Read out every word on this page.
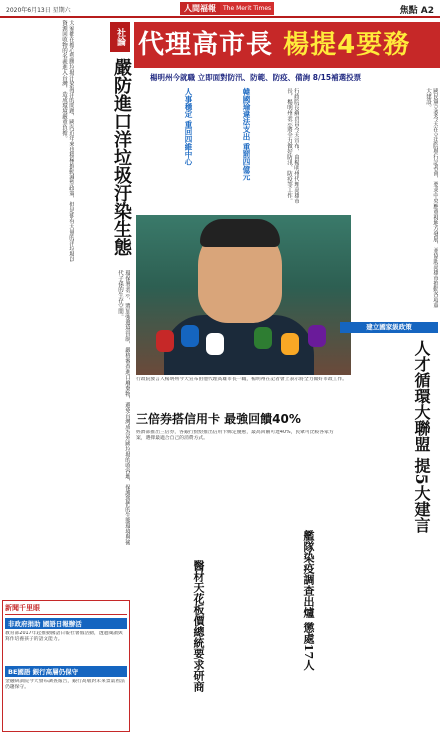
2020年6月13日 星期六	人間福報	The Merit Times	焦點 A2
大家都在擔心塑膠垃圾汙染海洋的問題，國內近年來也積極推動減塑政策，但是卻有大量的洋垃圾以資源回收物的名義進入台灣，造成環境嚴重負擔。	社論
嚴防進口洋垃圾汙染生態
環保署表示，將加強邊境管制，嚴格審查進口廢棄物，避免台灣成為外國垃圾的收容地，保護我們的生態環境與後代子孫的生存空間。
新聞千里眼
非政府捐助 國語日報辦活
教育部2017年起推動國語日報社暑假活動，透過閱讀與寫作培養孩子的語文能力。
BE國語 銀行高層仍保守
金融研訓院今天發布調查報告，銀行高層對未來景氣看法仍趨保守。
代理高市長 楊提4要務
楊明州今就職 立即面對防汛、防範、防疫、備詢 8/15補選投票
行政院長蘇貞昌今天宣布，由楊明州代理高雄市長，楊明州表示將全力做好防汛、防疫等工作。
韓國瑜違法支出 重罰四億元
人事穩定 重回四維中心
行政院發言人楊明州今天宣布由他代理高雄市長一職，楊明州在記者會上表示將全力做好市政工作。
三倍券搭信用卡 最強回饋40%
經濟部推出三倍券，各銀行紛紛推出信用卡綁定優惠，最高回饋可達40%，民眾可比較各家方案，選擇最適合自己的消費方式。
醫材天花板價總統要求研商	艦隊染疫調查出爐 懲處17人
國民黨立委今天在立法院舉行記者會，要求中央應重視地方發展，並協助高雄市推動各項重大建設。
建立國家級政策
人才循環大聯盟 提5大建言
